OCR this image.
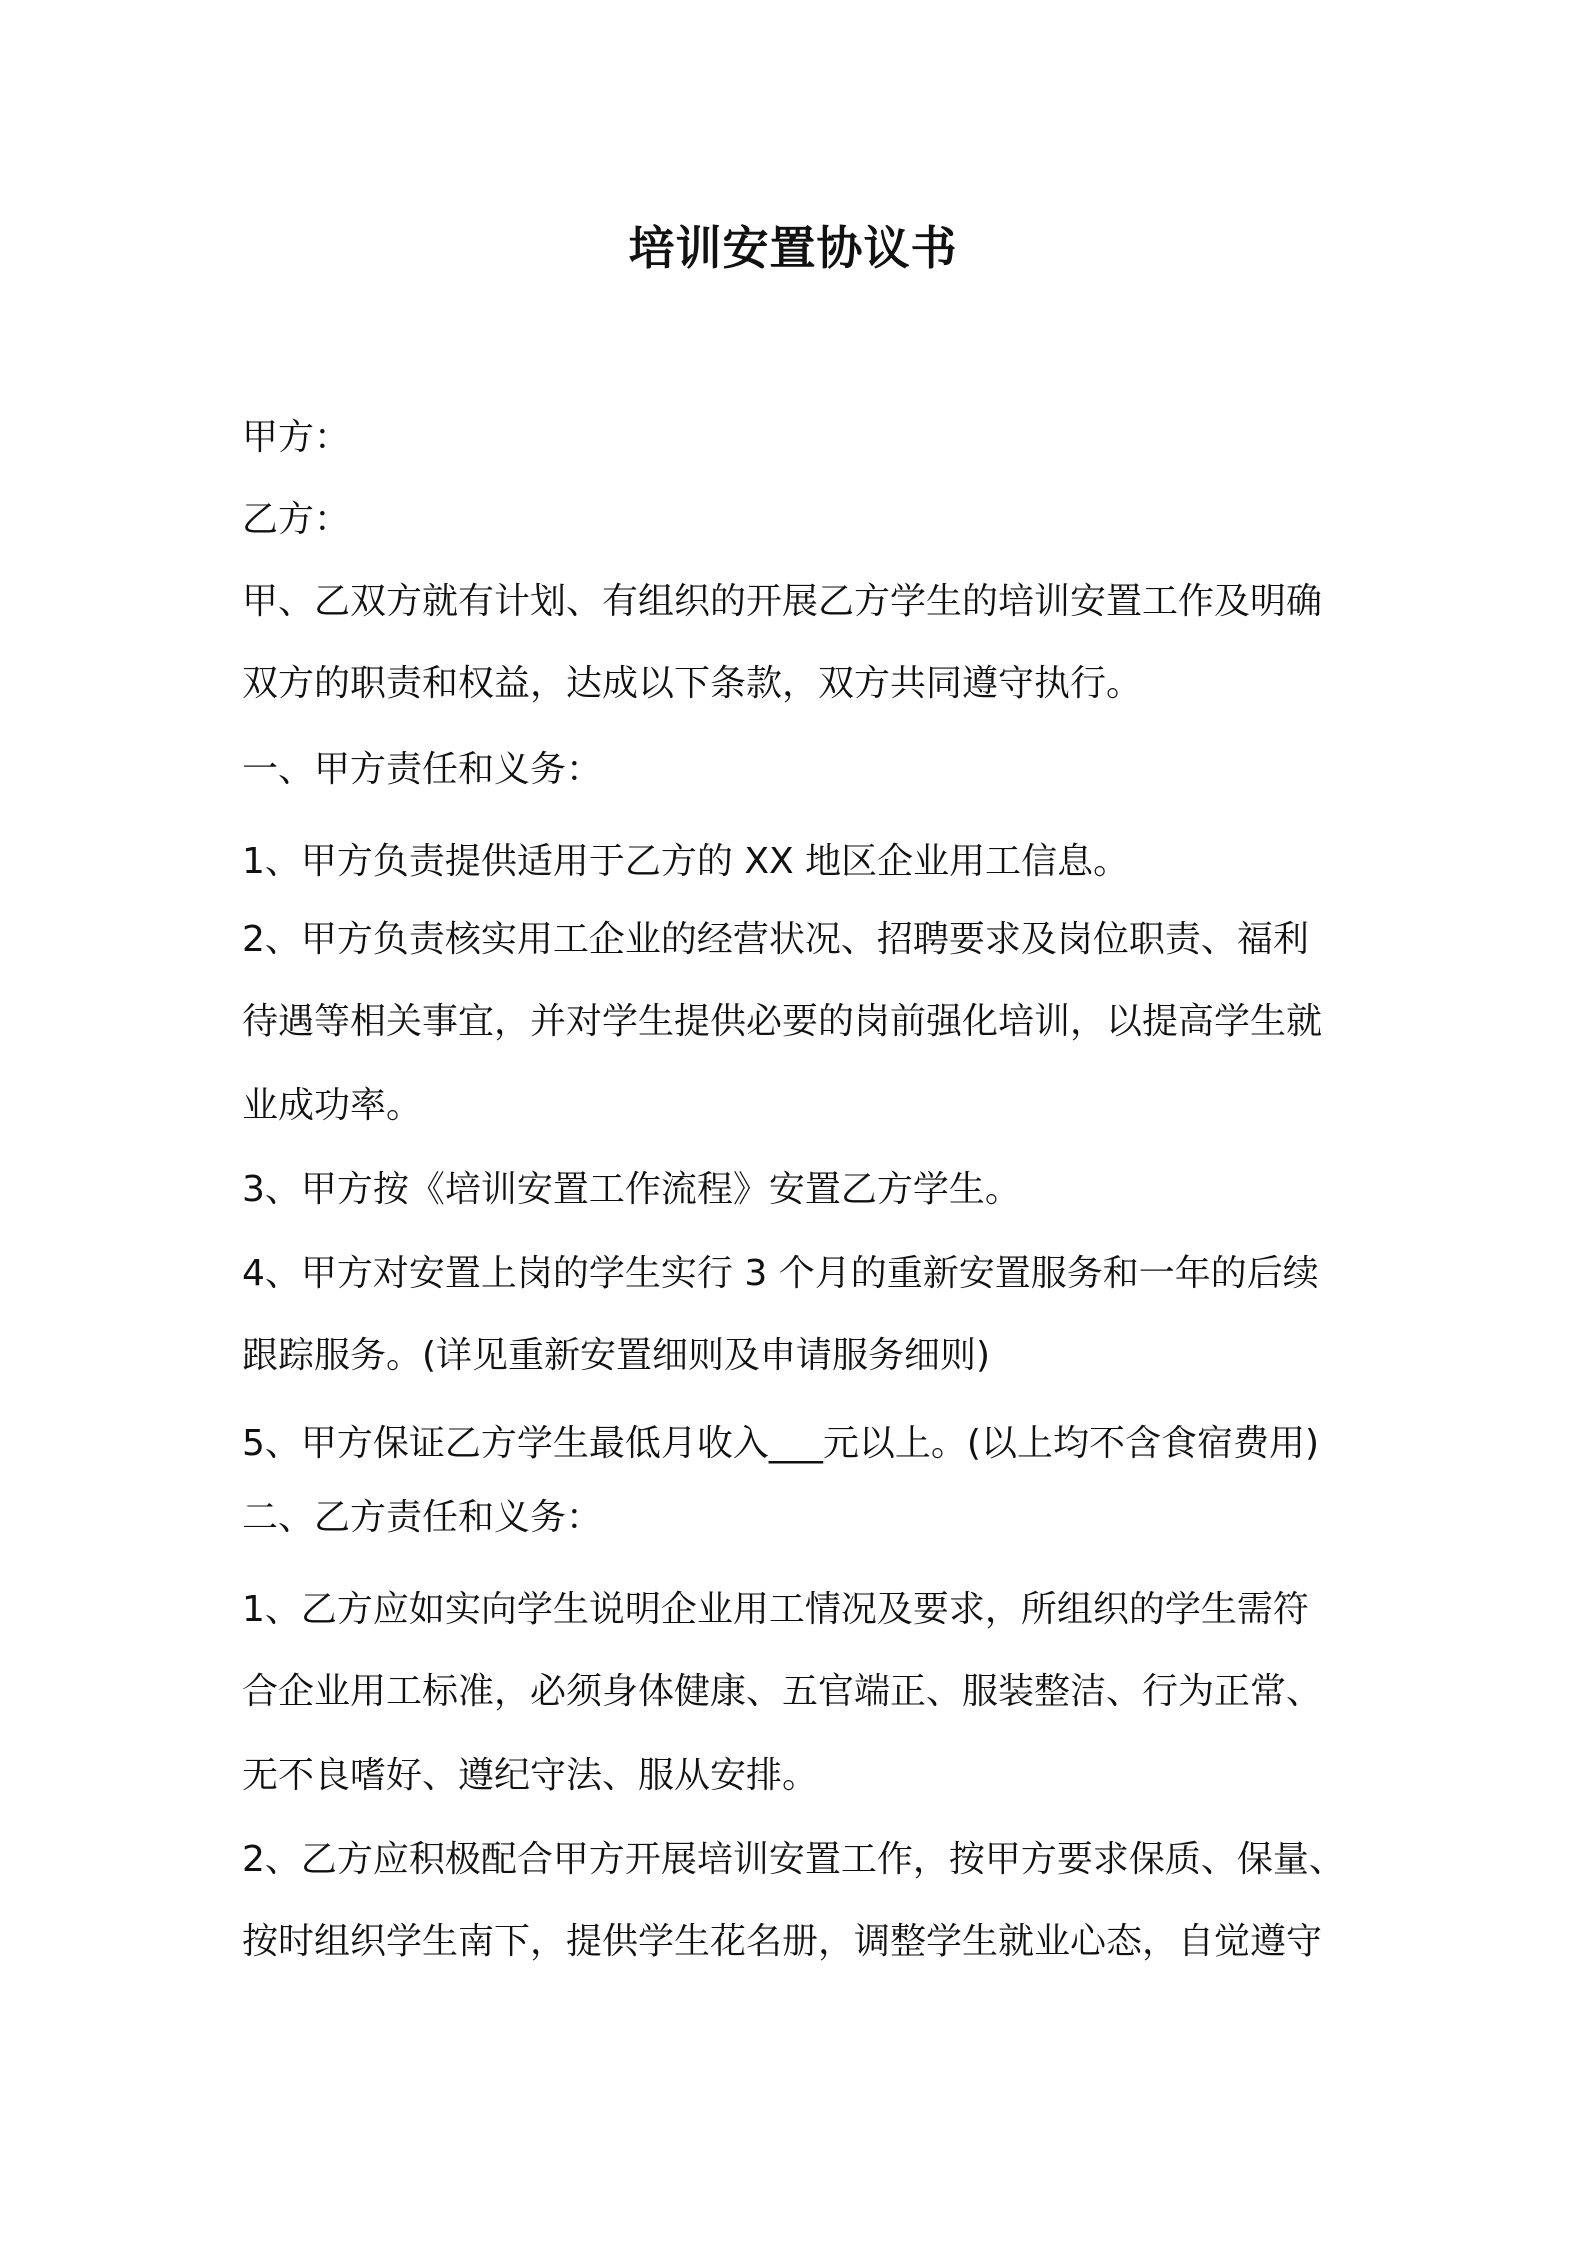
培训安置协议书

甲方：

乙方：

甲、乙双方就有计划、有组织的开展乙方学生的培训安置工作及明确

双方的职责和权益，达成以下条款，双方共同遵守执行。

一、甲方责任和义务：

1、甲方负责提供适用于乙方的 XX 地区企业用工信息。

2、甲方负责核实用工企业的经营状况、招聘要求及岗位职责、福利

待遇等相关事宜，并对学生提供必要的岗前强化培训，以提高学生就

业成功率。

3、甲方按《培训安置工作流程》安置乙方学生。

4、甲方对安置上岗的学生实行 3 个月的重新安置服务和一年的后续

跟踪服务。(详见重新安置细则及申请服务细则)

5、甲方保证乙方学生最低月收入___元以上。(以上均不含食宿费用)

二、乙方责任和义务：

1、乙方应如实向学生说明企业用工情况及要求，所组织的学生需符

合企业用工标准，必须身体健康、五官端正、服装整洁、行为正常、

无不良嗜好、遵纪守法、服从安排。

2、乙方应积极配合甲方开展培训安置工作，按甲方要求保质、保量、

按时组织学生南下，提供学生花名册，调整学生就业心态，自觉遵守
